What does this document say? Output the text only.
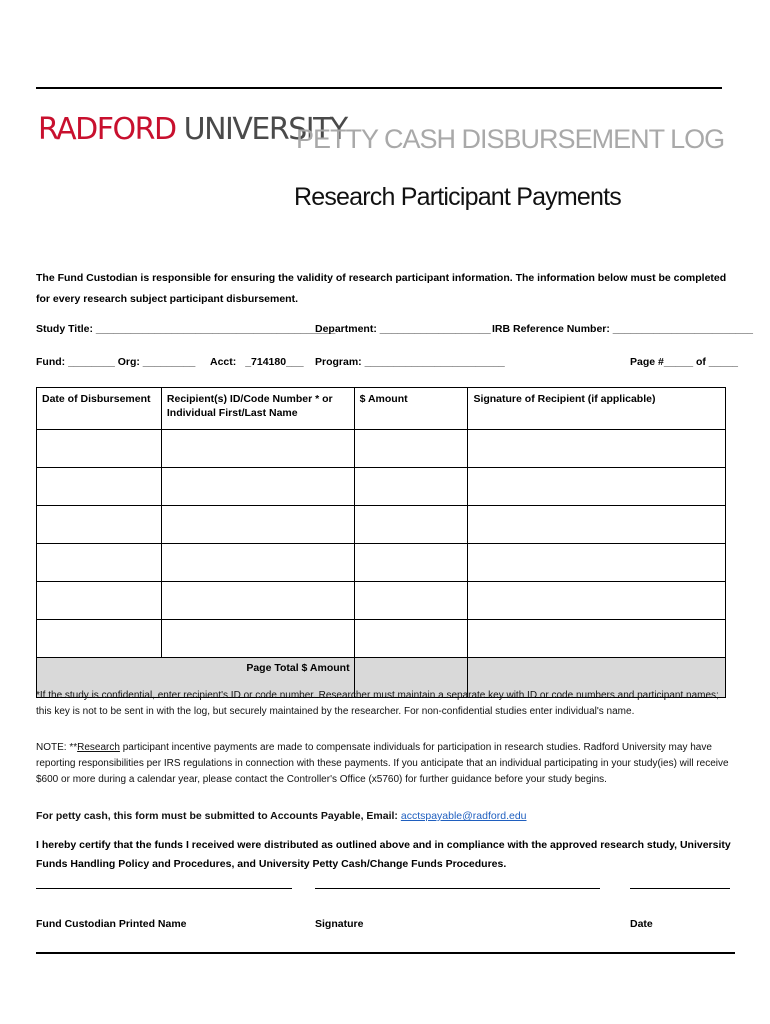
RADFORD UNIVERSITY
PETTY CASH DISBURSEMENT LOG
Research Participant Payments
The Fund Custodian is responsible for ensuring the validity of research participant information. The information below must be completed for every research subject participant disbursement.
Study Title: _________________________________________
Department: ___________________ IRB Reference Number: ________________________
Fund: ________ Org: _________ Acct: _714180___ Program: ________________________	Page #_____ of _____
Date of Disbursement	Recipient(s) ID/Code Number * or Individual First/Last Name	$ Amount	Signature of Recipient (if applicable)

Page Total $ Amount			
*If the study is confidential, enter recipient's ID or code number. Researcher must maintain a separate key with ID or code numbers and participant names; this key is not to be sent in with the log, but securely maintained by the researcher. For non-confidential studies enter individual's name.
NOTE: **Research participant incentive payments are made to compensate individuals for participation in research studies. Radford University may have reporting responsibilities per IRS regulations in connection with these payments. If you anticipate that an individual participating in your study(ies) will receive $600 or more during a calendar year, please contact the Controller's Office (x5760) for further guidance before your study begins.
For petty cash, this form must be submitted to Accounts Payable, Email: acctspayable@radford.edu
I hereby certify that the funds I received were distributed as outlined above and in compliance with the approved research study, University Funds Handling Policy and Procedures, and University Petty Cash/Change Funds Procedures.
Fund Custodian Printed Name	Signature	Date
